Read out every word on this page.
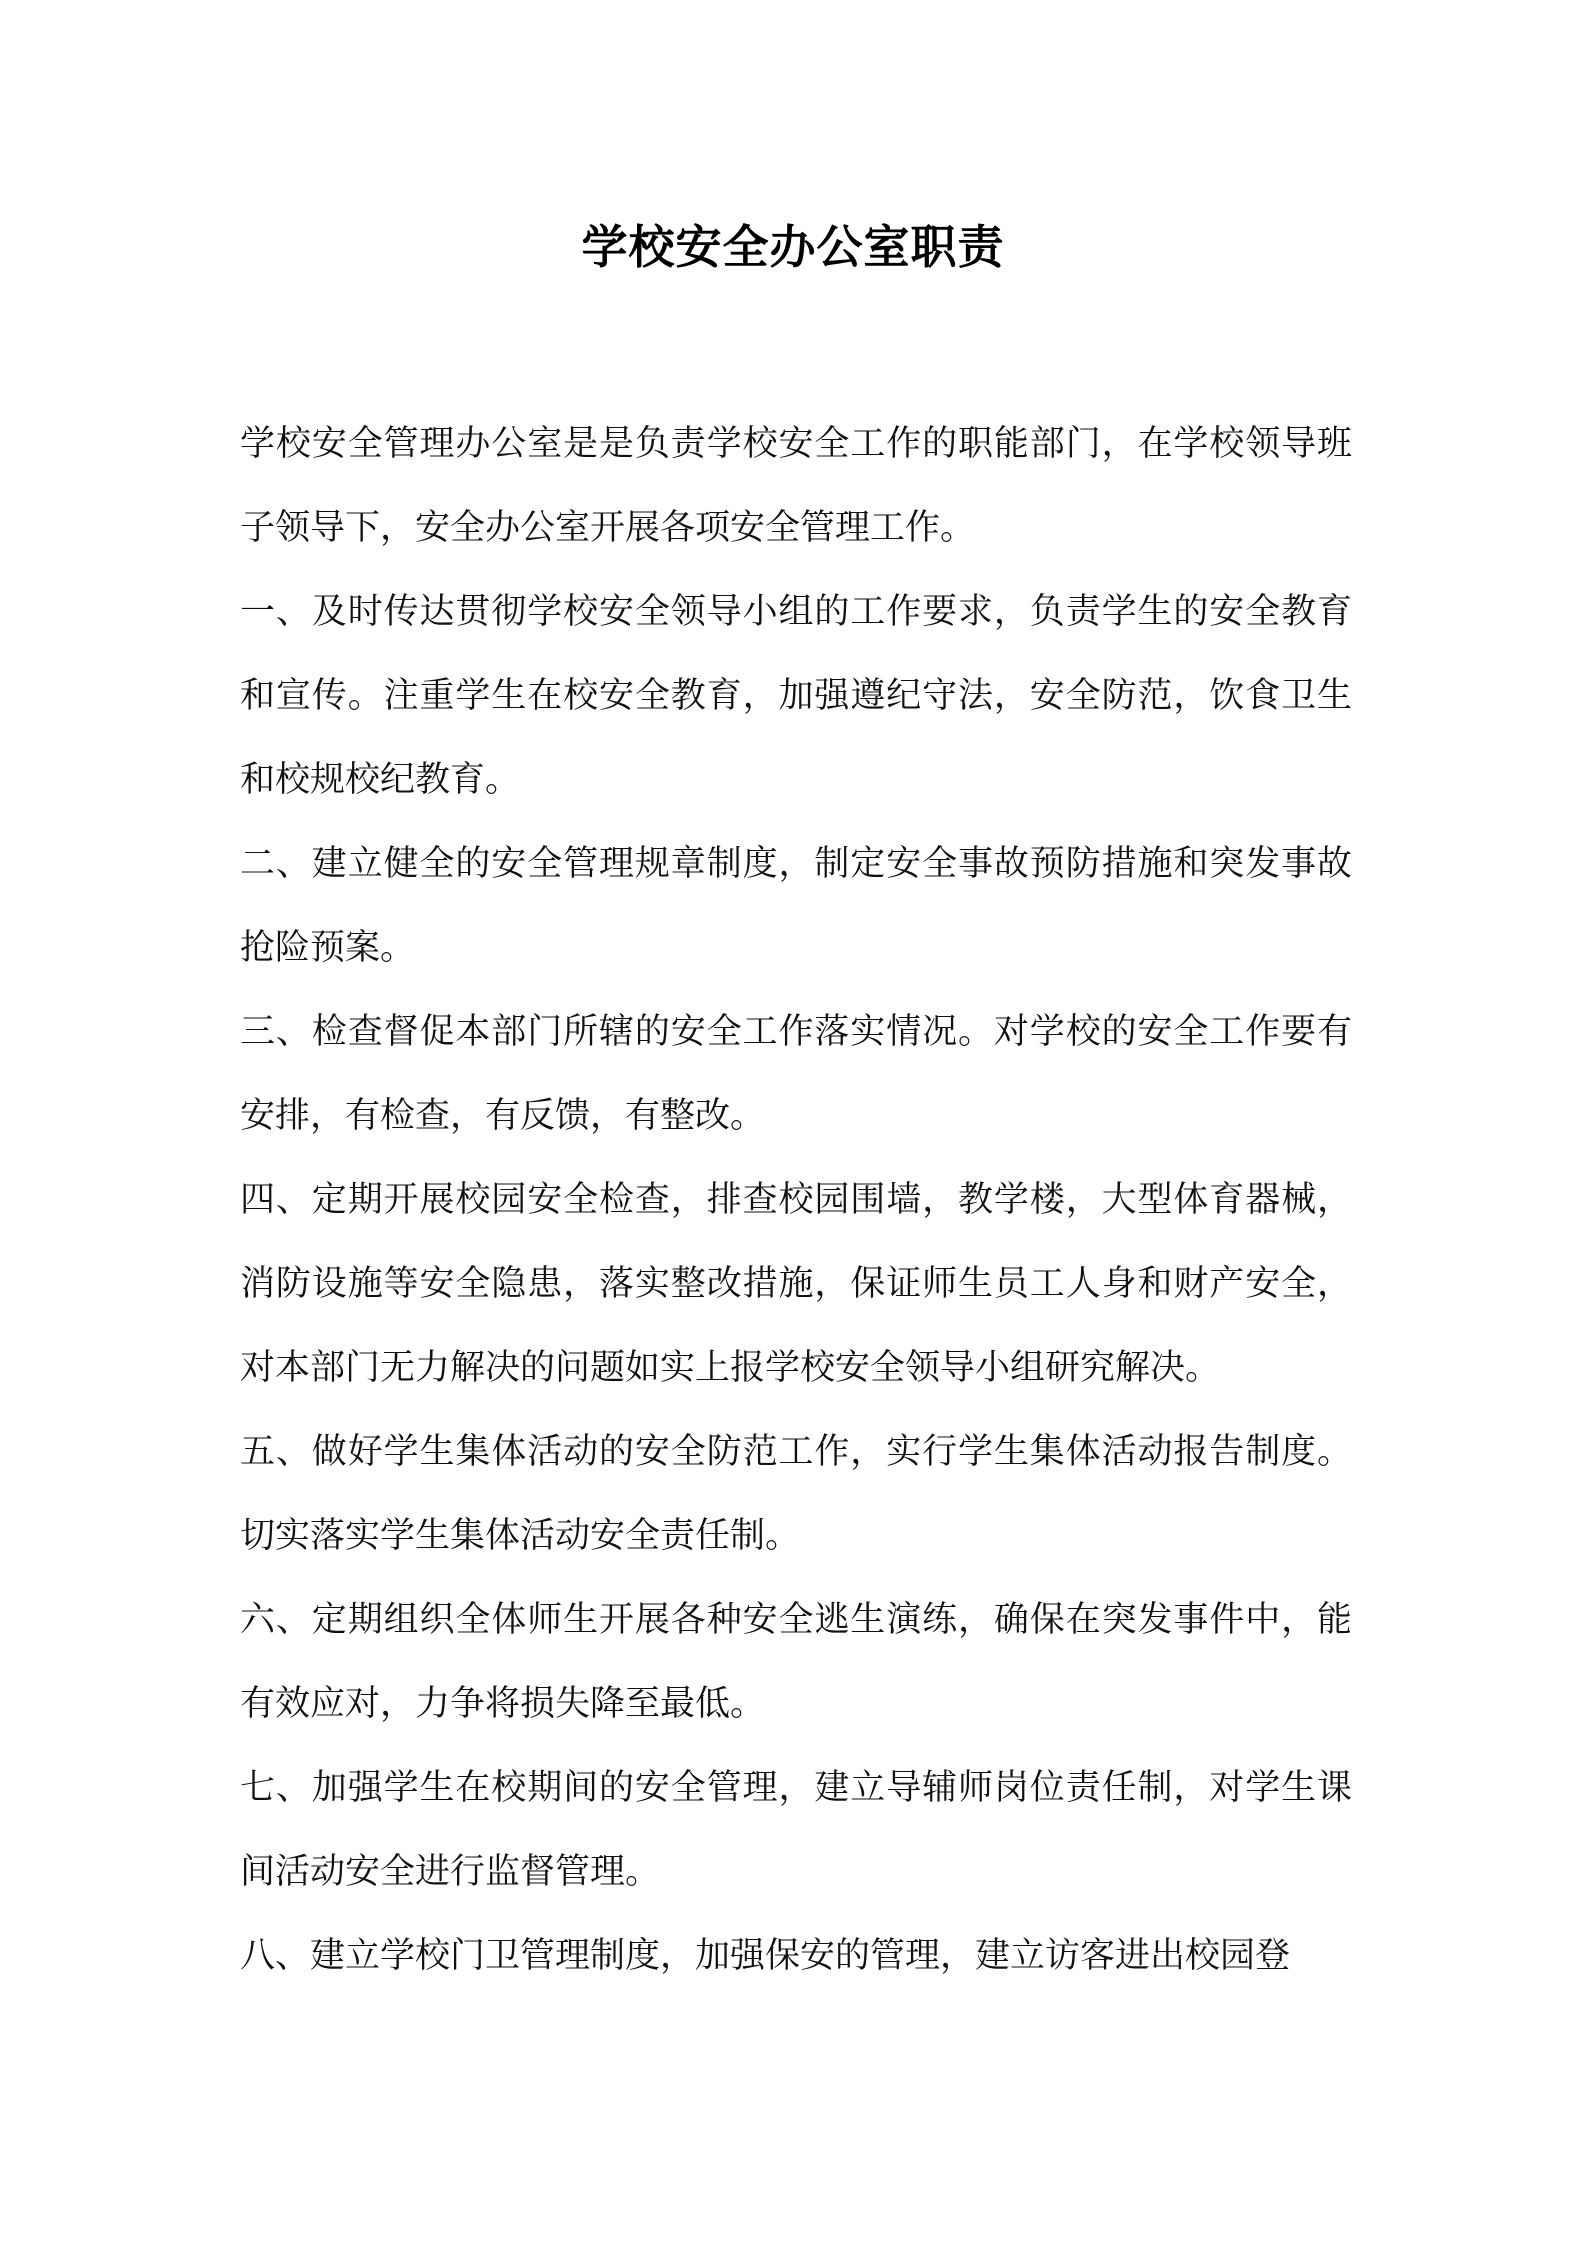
学校安全办公室职责

学校安全管理办公室是是负责学校安全工作的职能部门，在学校领导班子领导下，安全办公室开展各项安全管理工作。

一、及时传达贯彻学校安全领导小组的工作要求，负责学生的安全教育和宣传。注重学生在校安全教育，加强遵纪守法，安全防范，饮食卫生和校规校纪教育。

二、建立健全的安全管理规章制度，制定安全事故预防措施和突发事故抢险预案。

三、检查督促本部门所辖的安全工作落实情况。对学校的安全工作要有安排，有检查，有反馈，有整改。

四、定期开展校园安全检查，排查校园围墙，教学楼，大型体育器械，消防设施等安全隐患，落实整改措施，保证师生员工人身和财产安全，对本部门无力解决的问题如实上报学校安全领导小组研究解决。

五、做好学生集体活动的安全防范工作，实行学生集体活动报告制度。切实落实学生集体活动安全责任制。

六、定期组织全体师生开展各种安全逃生演练，确保在突发事件中，能有效应对，力争将损失降至最低。

七、加强学生在校期间的安全管理，建立导辅师岗位责任制，对学生课间活动安全进行监督管理。

八、建立学校门卫管理制度，加强保安的管理，建立访客进出校园登
